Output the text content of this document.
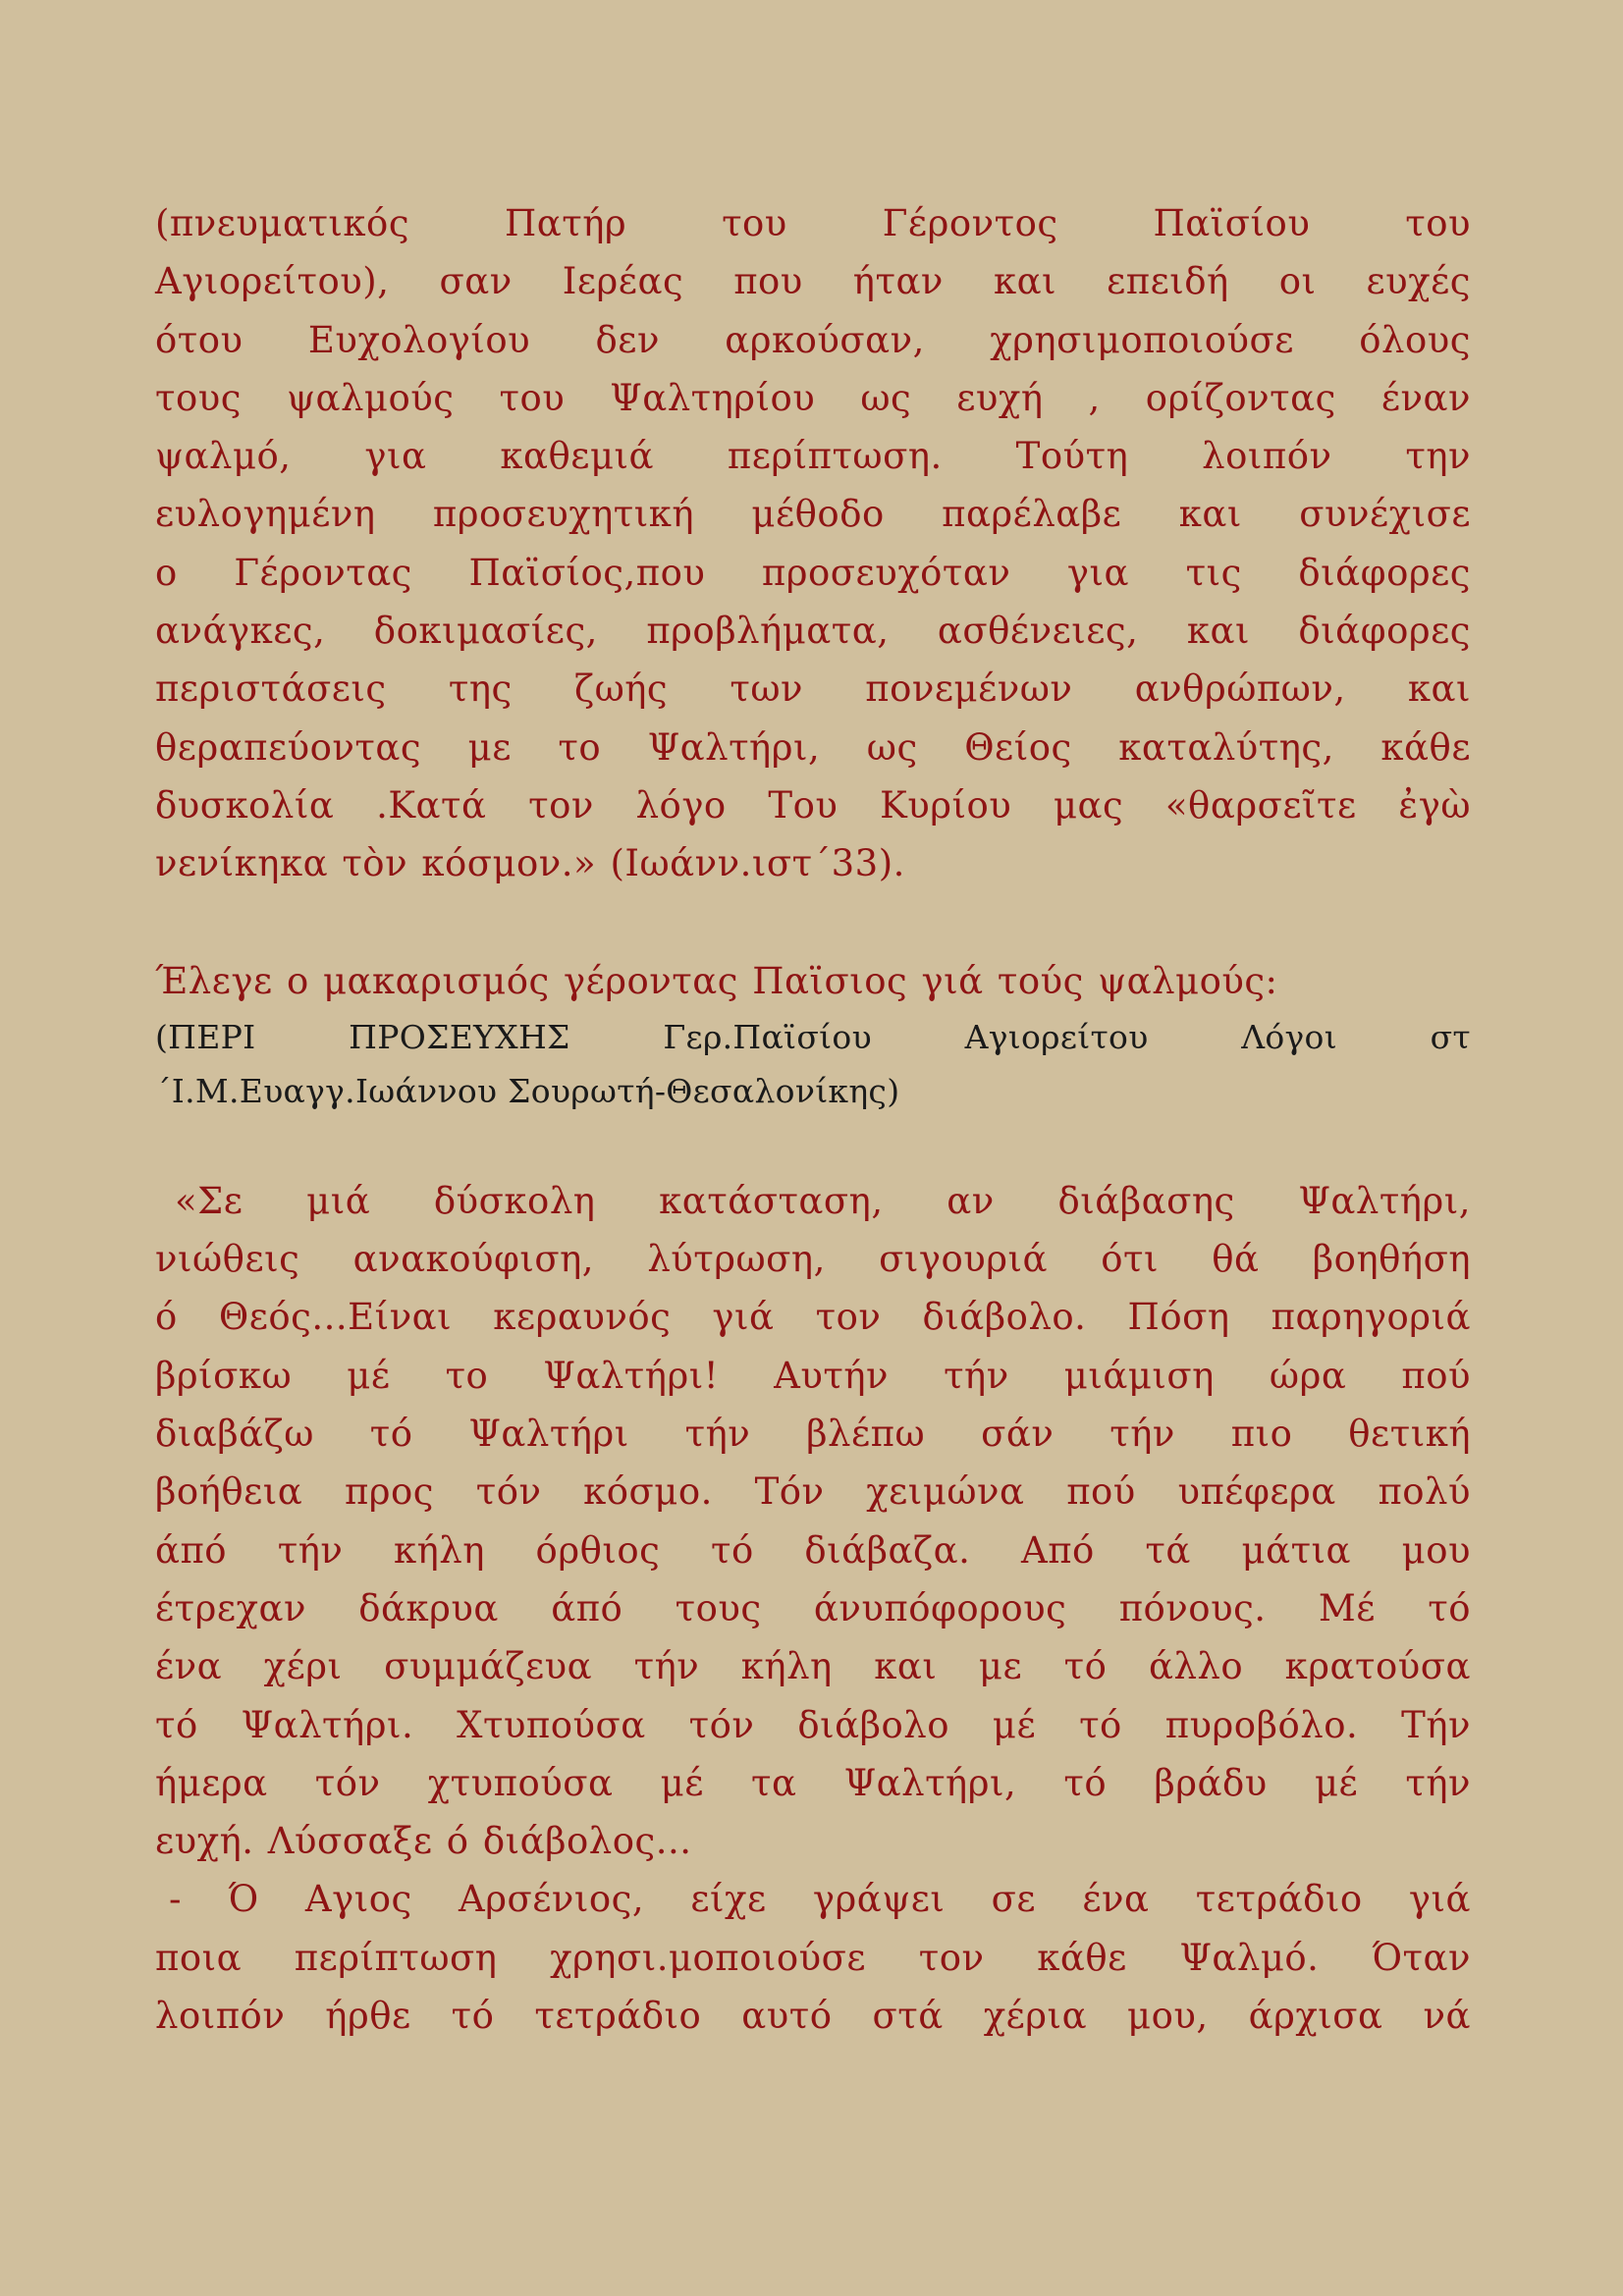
(πνευματικός Πατήρ του Γέροντος Παϊσίου του
Αγιορείτου), σαν Ιερέας που ήταν και επειδή οι ευχές
ότου Ευχολογίου δεν αρκούσαν, χρησιμοποιούσε όλους
τους ψαλμούς του Ψαλτηρίου ως ευχή , ορίζοντας έναν
ψαλμό, για καθεμιά περίπτωση. Τούτη λοιπόν την
ευλογημένη προσευχητική μέθοδο παρέλαβε και συνέχισε
ο Γέροντας Παϊσίος,που προσευχόταν για τις διάφορες
ανάγκες, δοκιμασίες, προβλήματα, ασθένειες, και διάφορες
περιστάσεις της ζωής των πονεμένων ανθρώπων, και
θεραπεύοντας με το Ψαλτήρι, ως Θείος καταλύτης, κάθε
δυσκολία .Κατά τον λόγο Του Κυρίου μας «θαρσεῖτε ἐγὼ
νενίκηκα τὸν κόσμον.» (Ιωάνν.ιστ΄33).

Έλεγε ο μακαρισμός γέροντας Παϊσιος γιά τούς ψαλμούς:

(ΠΕΡΙ ΠΡΟΣΕΥΧΗΣ Γερ.Παϊσίου Αγιορείτου Λόγοι στ
΄Ι.Μ.Ευαγγ.Ιωάννου Σουρωτή-Θεσαλονίκης)

«Σε μιά δύσκολη κατάσταση, αν διάβασης Ψαλτήρι,
νιώθεις ανακούφιση, λύτρωση, σιγουριά ότι θά βοηθήση
ό Θεός...Είναι κεραυνός γιά τον διάβολο. Πόση παρηγοριά
βρίσκω μέ το Ψαλτήρι! Αυτήν τήν μιάμιση ώρα πού
διαβάζω τό Ψαλτήρι τήν βλέπω σάν τήν πιο θετική
βοήθεια προς τόν κόσμο. Τόν χειμώνα πού υπέφερα πολύ
άπό τήν κήλη όρθιος τό διάβαζα. Από τά μάτια μου
έτρεχαν δάκρυα άπό τους άνυπόφορους πόνους. Μέ τό
ένα χέρι συμμάζευα τήν κήλη και με τό άλλο κρατούσα
τό Ψαλτήρι. Χτυπούσα τόν διάβολο μέ τό πυροβόλο. Τήν
ήμερα τόν χτυπούσα μέ τα Ψαλτήρι, τό βράδυ μέ τήν
ευχή. Λύσσαξε ό διάβολος...
- Ό Αγιος Αρσένιος, είχε γράψει σε ένα τετράδιο γιά
ποια περίπτωση χρησι.μοποιούσε τον κάθε Ψαλμό. Όταν
λοιπόν ήρθε τό τετράδιο αυτό στά χέρια μου, άρχισα νά
